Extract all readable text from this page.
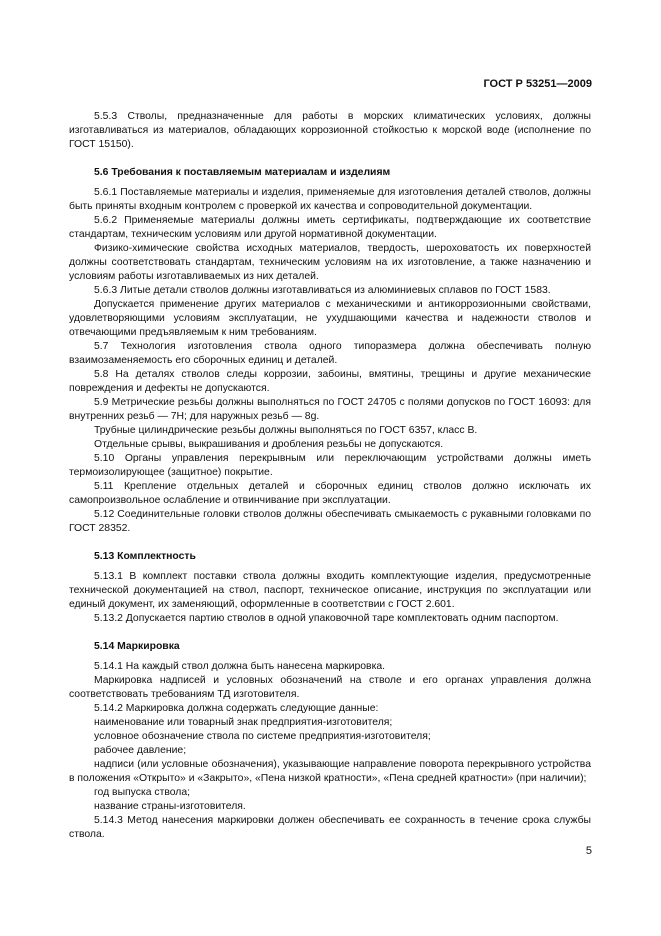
ГОСТ Р 53251—2009

5.5.3 Стволы, предназначенные для работы в морских климатических условиях, должны изготавливаться из материалов, обладающих коррозионной стойкостью к морской воде (исполнение по ГОСТ 15150).

5.6 Требования к поставляемым материалам и изделиям

5.6.1 Поставляемые материалы и изделия, применяемые для изготовления деталей стволов, должны быть приняты входным контролем с проверкой их качества и сопроводительной документации.

5.6.2 Применяемые материалы должны иметь сертификаты, подтверждающие их соответствие стандартам, техническим условиям или другой нормативной документации.

Физико-химические свойства исходных материалов, твердость, шероховатость их поверхностей должны соответствовать стандартам, техническим условиям на их изготовление, а также назначению и условиям работы изготавливаемых из них деталей.

5.6.3 Литые детали стволов должны изготавливаться из алюминиевых сплавов по ГОСТ 1583.

Допускается применение других материалов с механическими и антикоррозионными свойствами, удовлетворяющими условиям эксплуатации, не ухудшающими качества и надежности стволов и отвечающими предъявляемым к ним требованиям.

5.7 Технология изготовления ствола одного типоразмера должна обеспечивать полную взаимозаменяемость его сборочных единиц и деталей.

5.8 На деталях стволов следы коррозии, забоины, вмятины, трещины и другие механические повреждения и дефекты не допускаются.

5.9 Метрические резьбы должны выполняться по ГОСТ 24705 с полями допусков по ГОСТ 16093: для внутренних резьб — 7Н; для наружных резьб — 8g.

Трубные цилиндрические резьбы должны выполняться по ГОСТ 6357, класс В.

Отдельные срывы, выкрашивания и дробления резьбы не допускаются.

5.10 Органы управления перекрывным или переключающим устройствами должны иметь термоизолирующее (защитное) покрытие.

5.11 Крепление отдельных деталей и сборочных единиц стволов должно исключать их самопроизвольное ослабление и отвинчивание при эксплуатации.

5.12 Соединительные головки стволов должны обеспечивать смыкаемость с рукавными головками по ГОСТ 28352.

5.13 Комплектность

5.13.1 В комплект поставки ствола должны входить комплектующие изделия, предусмотренные технической документацией на ствол, паспорт, техническое описание, инструкция по эксплуатации или единый документ, их заменяющий, оформленные в соответствии с ГОСТ 2.601.

5.13.2 Допускается партию стволов в одной упаковочной таре комплектовать одним паспортом.

5.14 Маркировка

5.14.1 На каждый ствол должна быть нанесена маркировка.

Маркировка надписей и условных обозначений на стволе и его органах управления должна соответствовать требованиям ТД изготовителя.

5.14.2 Маркировка должна содержать следующие данные:

наименование или товарный знак предприятия-изготовителя;

условное обозначение ствола по системе предприятия-изготовителя;

рабочее давление;

надписи (или условные обозначения), указывающие направление поворота перекрывного устройства в положения «Открыто» и «Закрыто», «Пена низкой кратности», «Пена средней кратности» (при наличии);

год выпуска ствола;

название страны-изготовителя.

5.14.3 Метод нанесения маркировки должен обеспечивать ее сохранность в течение срока службы ствола.

5
